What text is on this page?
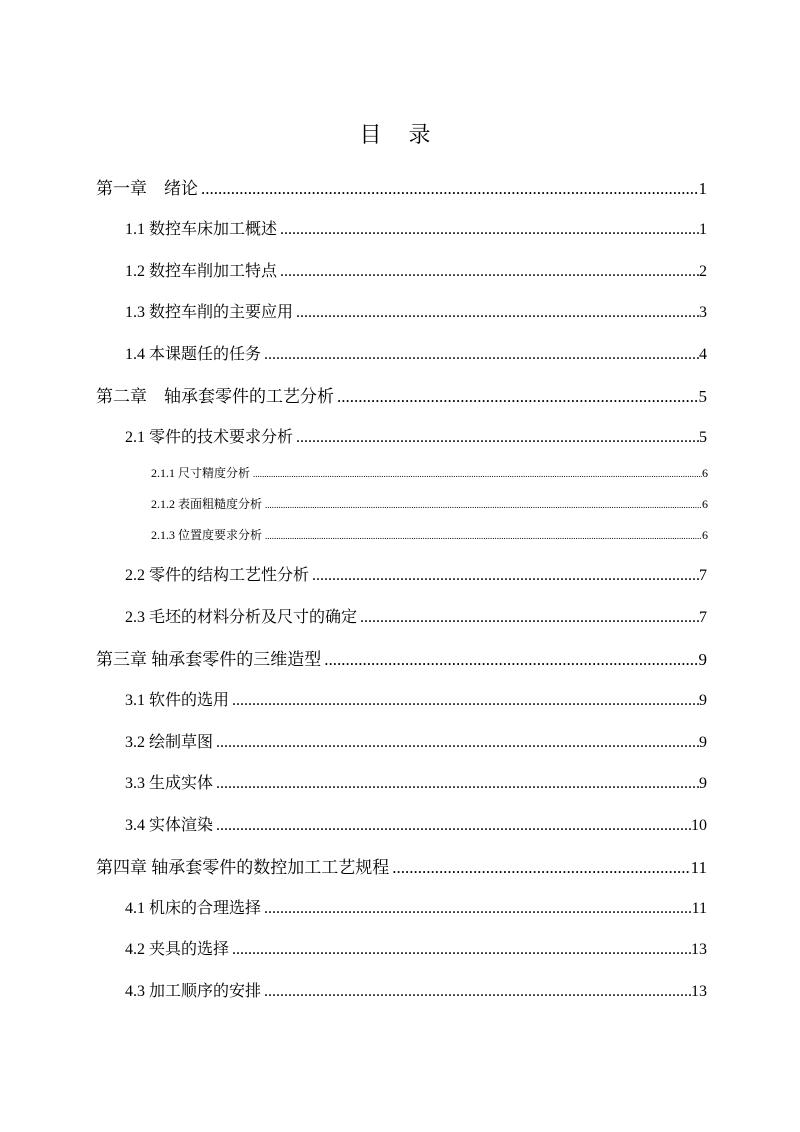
目 录
第一章　绪论 .....	1
1.1 数控车床加工概述 .....	1
1.2 数控车削加工特点 .....	2
1.3 数控车削的主要应用 .....	3
1.4 本课题任的任务 .....	4
第二章　轴承套零件的工艺分析 .....	5
2.1 零件的技术要求分析 .....	5
2.1.1 尺寸精度分析 .....	6
2.1.2 表面粗糙度分析 .....	6
2.1.3 位置度要求分析 .....	6
2.2 零件的结构工艺性分析 .....	7
2.3 毛坯的材料分析及尺寸的确定 .....	7
第三章 轴承套零件的三维造型 .....	9
3.1 软件的选用 .....	9
3.2 绘制草图 .....	9
3.3 生成实体 .....	9
3.4 实体渲染 .....	10
第四章 轴承套零件的数控加工工艺规程 .....	11
4.1 机床的合理选择 .....	11
4.2 夹具的选择 .....	13
4.3 加工顺序的安排 .....	13
